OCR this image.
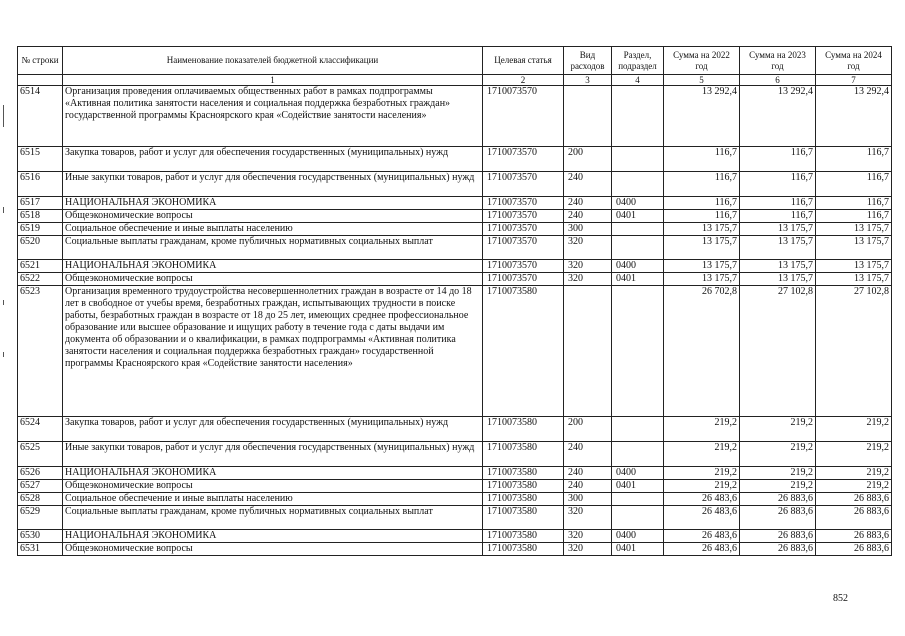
№ строки	Наименование показателей бюджетной классификации	Целевая статья	Вид расходов	Раздел, подраздел	Сумма на 2022 год	Сумма на 2023 год	Сумма на 2024 год
	1	2	3	4	5	6	7
6514	Организация проведения оплачиваемых общественных работ в рамках подпрограммы «Активная политика занятости населения и социальная поддержка безработных граждан» государственной программы Красноярского края «Содействие занятости населения»	1710073570			13 292,4	13 292,4	13 292,4
6515	Закупка товаров, работ и услуг для обеспечения государственных (муниципальных) нужд	1710073570	200		116,7	116,7	116,7
6516	Иные закупки товаров, работ и услуг для обеспечения государственных (муниципальных) нужд	1710073570	240		116,7	116,7	116,7
6517	НАЦИОНАЛЬНАЯ ЭКОНОМИКА	1710073570	240	0400	116,7	116,7	116,7
6518	Общеэкономические вопросы	1710073570	240	0401	116,7	116,7	116,7
6519	Социальное обеспечение и иные выплаты населению	1710073570	300		13 175,7	13 175,7	13 175,7
6520	Социальные выплаты гражданам, кроме публичных нормативных социальных выплат	1710073570	320		13 175,7	13 175,7	13 175,7
6521	НАЦИОНАЛЬНАЯ ЭКОНОМИКА	1710073570	320	0400	13 175,7	13 175,7	13 175,7
6522	Общеэкономические вопросы	1710073570	320	0401	13 175,7	13 175,7	13 175,7
6523	Организация временного трудоустройства несовершеннолетних граждан в возрасте от 14 до 18 лет в свободное от учебы время, безработных граждан, испытывающих трудности в поиске работы, безработных граждан в возрасте от 18 до 25 лет, имеющих среднее профессиональное образование или высшее образование и ищущих работу в течение года с даты выдачи им документа об образовании и о квалификации, в рамках подпрограммы «Активная политика занятости населения и социальная поддержка безработных граждан» государственной программы Красноярского края «Содействие занятости населения»	1710073580			26 702,8	27 102,8	27 102,8
6524	Закупка товаров, работ и услуг для обеспечения государственных (муниципальных) нужд	1710073580	200		219,2	219,2	219,2
6525	Иные закупки товаров, работ и услуг для обеспечения государственных (муниципальных) нужд	1710073580	240		219,2	219,2	219,2
6526	НАЦИОНАЛЬНАЯ ЭКОНОМИКА	1710073580	240	0400	219,2	219,2	219,2
6527	Общеэкономические вопросы	1710073580	240	0401	219,2	219,2	219,2
6528	Социальное обеспечение и иные выплаты населению	1710073580	300		26 483,6	26 883,6	26 883,6
6529	Социальные выплаты гражданам, кроме публичных нормативных социальных выплат	1710073580	320		26 483,6	26 883,6	26 883,6
6530	НАЦИОНАЛЬНАЯ ЭКОНОМИКА	1710073580	320	0400	26 483,6	26 883,6	26 883,6
6531	Общеэкономические вопросы	1710073580	320	0401	26 483,6	26 883,6	26 883,6
852
